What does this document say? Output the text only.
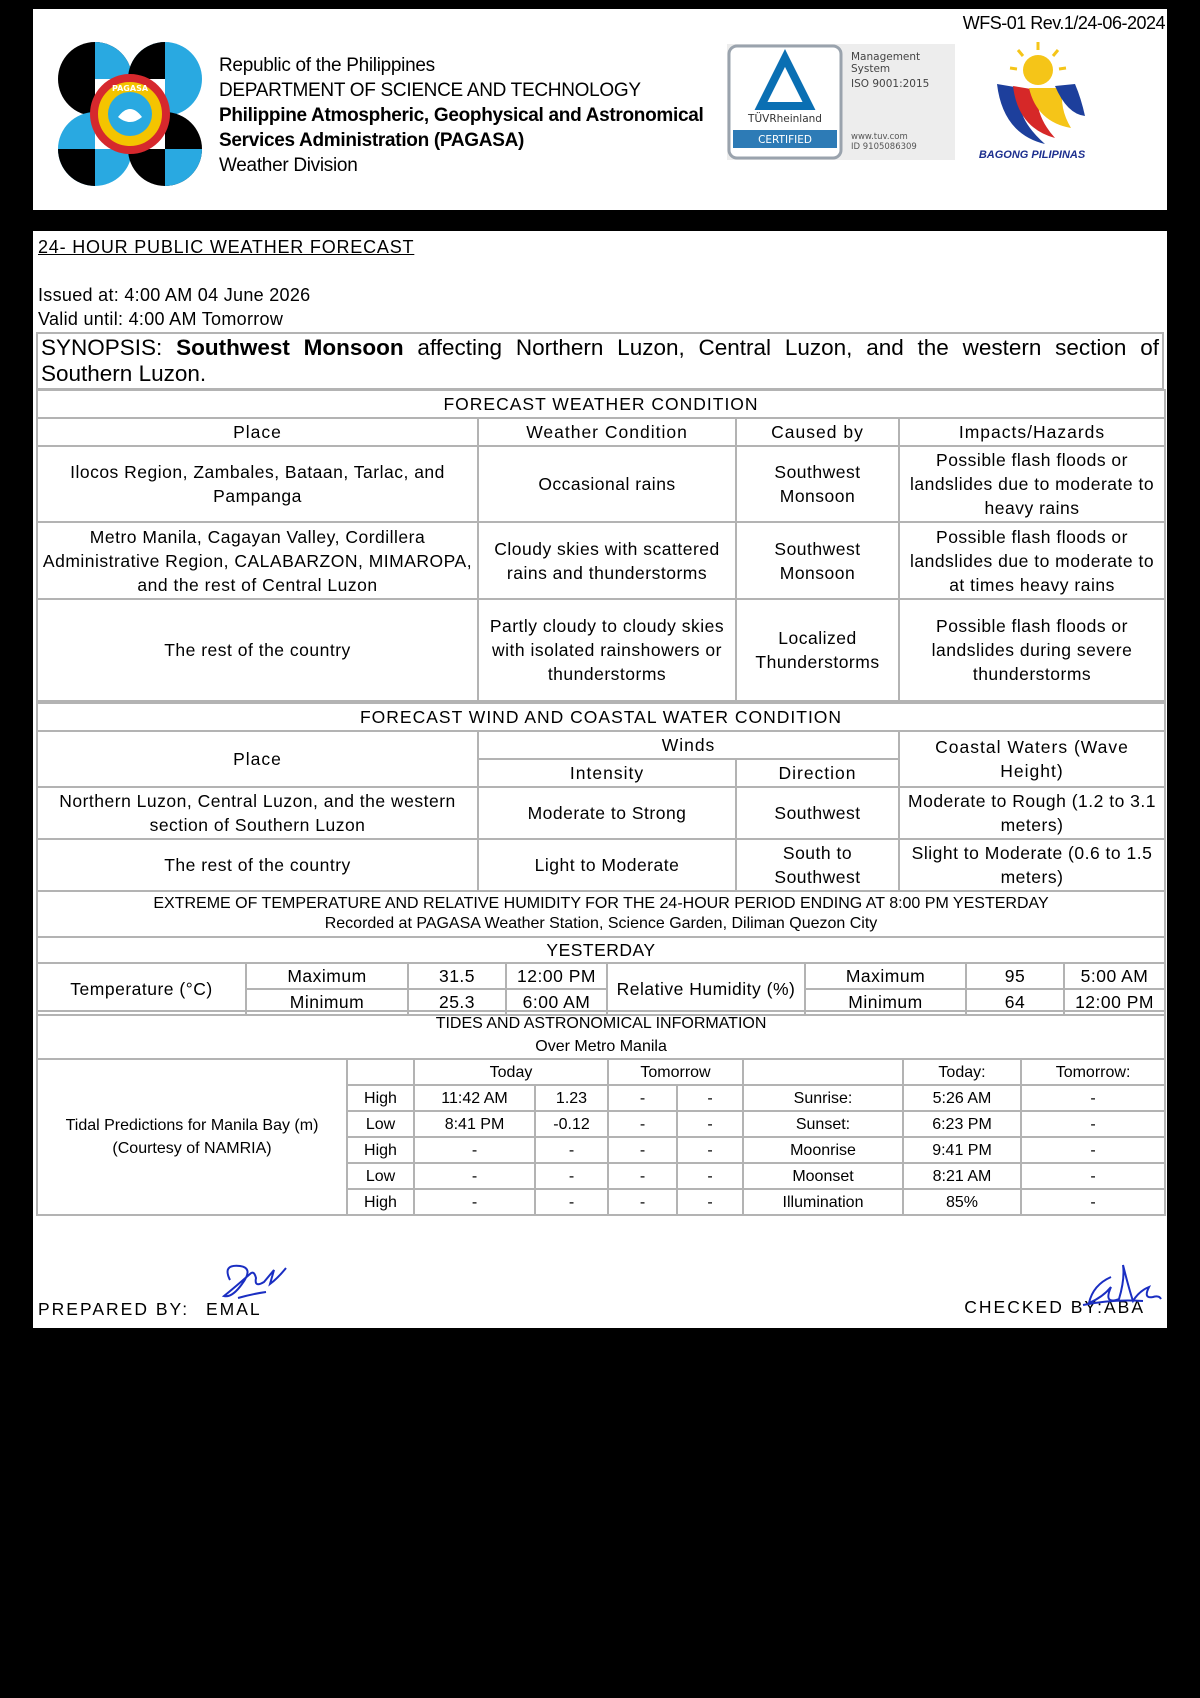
WFS-01 Rev.1/24-06-2024
PAGASA
Republic of the Philippines
DEPARTMENT OF SCIENCE AND TECHNOLOGY
Philippine Atmospheric, Geophysical and Astronomical
Services Administration (PAGASA)
Weather Division
TÜVRheinland
CERTIFIED
Management
System
ISO 9001:2015
www.tuv.com
ID 9105086309
BAGONG PILIPINAS
24- HOUR PUBLIC WEATHER FORECAST
Issued at: 4:00 AM 04 June 2026
Valid until: 4:00 AM Tomorrow
SYNOPSIS: Southwest Monsoon affecting Northern Luzon, Central Luzon, and the western section of
Southern Luzon.
FORECAST WEATHER CONDITION			
Place	Weather Condition	Caused by	Impacts/Hazards
Ilocos Region, Zambales, Bataan, Tarlac, and Pampanga	Occasional rains	Southwest Monsoon	Possible flash floods or landslides due to moderate to heavy rains
Metro Manila, Cagayan Valley, Cordillera Administrative Region, CALABARZON, MIMAROPA, and the rest of Central Luzon	Cloudy skies with scattered rains and thunderstorms	Southwest Monsoon	Possible flash floods or landslides due to moderate to at times heavy rains
The rest of the country	Partly cloudy to cloudy skies with isolated rainshowers or thunderstorms	Localized Thunderstorms	Possible flash floods or landslides during severe thunderstorms
FORECAST WIND AND COASTAL WATER CONDITION			
Place	Winds		Coastal Waters (Wave Height)
	Intensity	Direction	
Northern Luzon, Central Luzon, and the western section of Southern Luzon	Moderate to Strong	Southwest	Moderate to Rough (1.2 to 3.1 meters)
The rest of the country	Light to Moderate	South to Southwest	Slight to Moderate (0.6 to 1.5 meters)
EXTREME OF TEMPERATURE AND RELATIVE HUMIDITY FOR THE 24-HOUR PERIOD ENDING AT 8:00 PM YESTERDAY
Recorded at PAGASA Weather Station, Science Garden, Diliman Quezon City							

YESTERDAY							
Temperature (°C)	Maximum	31.5	12:00 PM	Relative Humidity (%)	Maximum	95	5:00 AM
	Minimum	25.3	6:00 AM		Minimum	64	12:00 PM
TIDES AND ASTRONOMICAL INFORMATION
Over Metro Manila								

Tidal Predictions for Manila Bay (m) (Courtesy of NAMRIA)		Today		Tomorrow			Today:	Tomorrow:
	High	11:42 AM	1.23	-	-	Sunrise:	5:26 AM	-
	Low	8:41 PM	-0.12	-	-	Sunset:	6:23 PM	-
	High	-	-	-	-	Moonrise	9:41 PM	-
	Low	-	-	-	-	Moonset	8:21 AM	-
	High	-	-	-	-	Illumination	85%	-
PREPARED BY: EMAL	CHECKED BY:ABA
